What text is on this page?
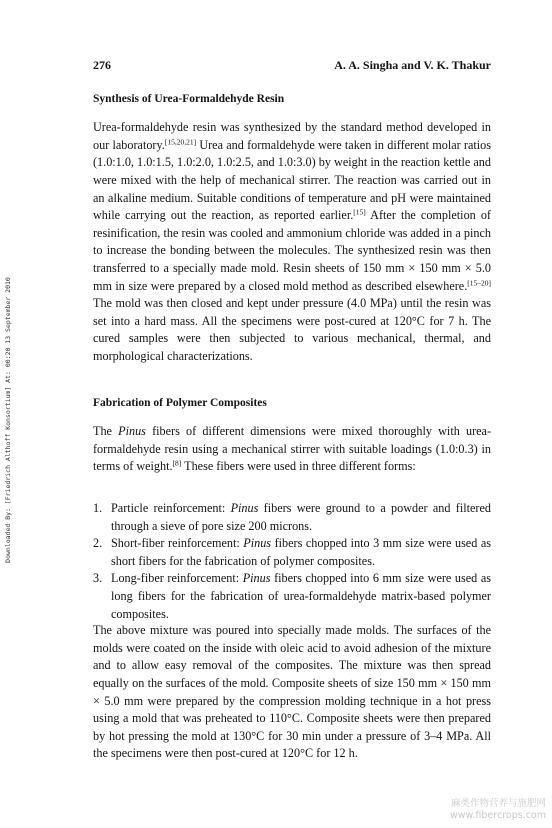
276	A. A. Singha and V. K. Thakur
Downloaded By: [Friedrich Althoff Konsortium] At: 00:20 13 September 2010
Synthesis of Urea-Formaldehyde Resin

Urea-formaldehyde resin was synthesized by the standard method developed in our laboratory.[15,20,21] Urea and formaldehyde were taken in different molar ratios (1.0:1.0, 1.0:1.5, 1.0:2.0, 1.0:2.5, and 1.0:3.0) by weight in the reaction kettle and were mixed with the help of mechanical stirrer. The reaction was carried out in an alkaline medium. Suitable conditions of temperature and pH were maintained while carrying out the reaction, as reported earlier.[15] After the completion of resinification, the resin was cooled and ammonium chloride was added in a pinch to increase the bonding between the molecules. The synthesized resin was then transferred to a specially made mold. Resin sheets of 150 mm × 150 mm × 5.0 mm in size were prepared by a closed mold method as described elsewhere.[15–20] The mold was then closed and kept under pressure (4.0 MPa) until the resin was set into a hard mass. All the specimens were post-cured at 120°C for 7 h. The cured samples were then subjected to various mechanical, thermal, and morphological characterizations.

Fabrication of Polymer Composites

The Pinus fibers of different dimensions were mixed thoroughly with urea-formaldehyde resin using a mechanical stirrer with suitable loadings (1.0:0.3) in terms of weight.[8] These fibers were used in three different forms:

1. Particle reinforcement: Pinus fibers were ground to a powder and filtered through a sieve of pore size 200 microns.
2. Short-fiber reinforcement: Pinus fibers chopped into 3 mm size were used as short fibers for the fabrication of polymer composites.
3. Long-fiber reinforcement: Pinus fibers chopped into 6 mm size were used as long fibers for the fabrication of urea-formaldehyde matrix-based polymer composites.

The above mixture was poured into specially made molds. The surfaces of the molds were coated on the inside with oleic acid to avoid adhesion of the mixture and to allow easy removal of the composites. The mixture was then spread equally on the surfaces of the mold. Composite sheets of size 150 mm × 150 mm × 5.0 mm were prepared by the compression molding technique in a hot press using a mold that was preheated to 110°C. Composite sheets were then prepared by hot pressing the mold at 130°C for 30 min under a pressure of 3–4 MPa. All the specimens were then post-cured at 120°C for 12 h.

麻类作物营养与施肥网
www.fibercrops.com
